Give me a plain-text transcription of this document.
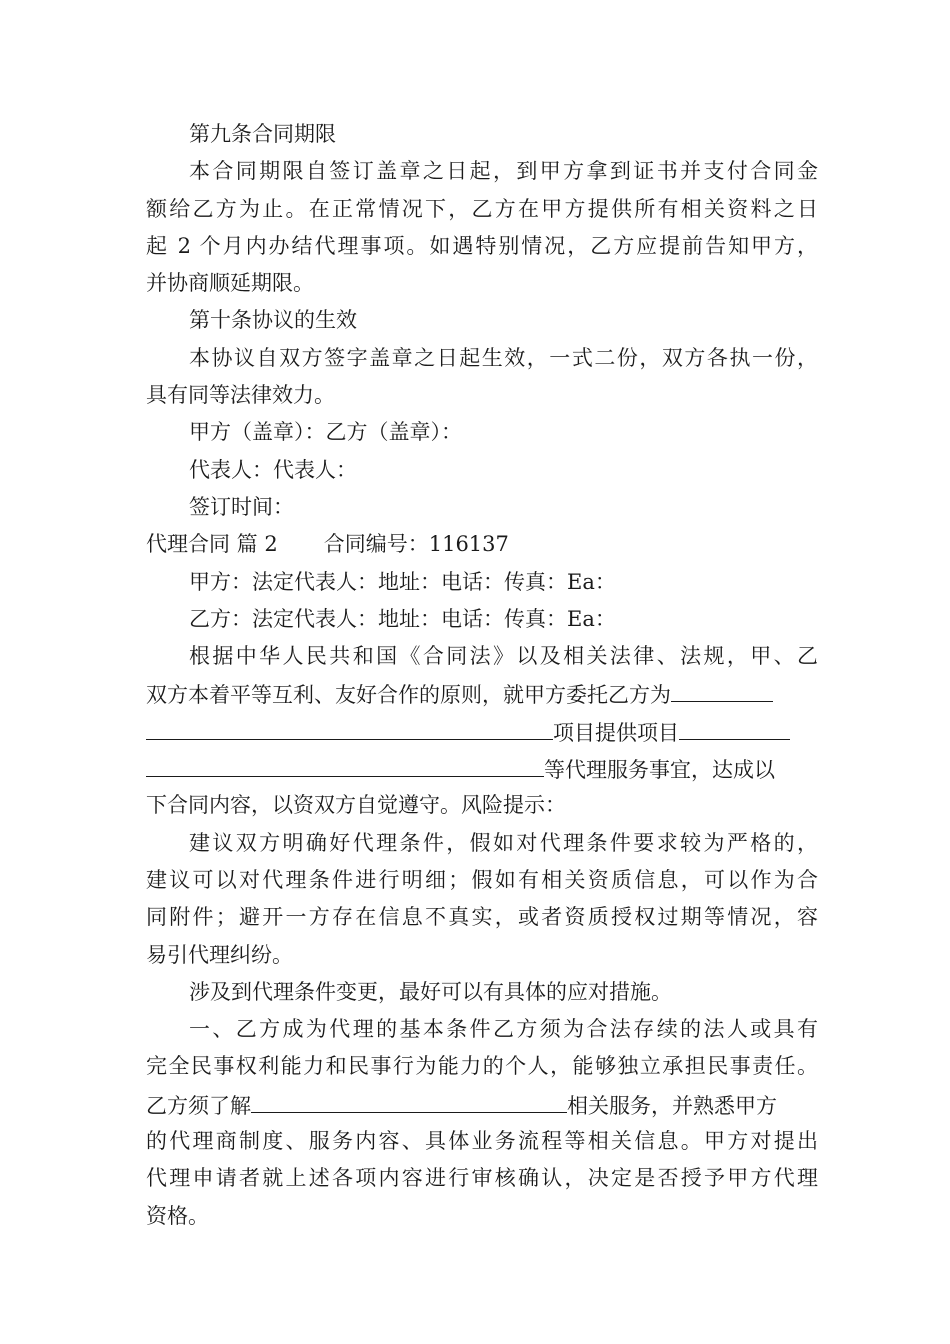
第九条合同期限
本合同期限自签订盖章之日起，到甲方拿到证书并支付合同金
额给乙方为止。在正常情况下，乙方在甲方提供所有相关资料之日
起 2 个月内办结代理事项。如遇特别情况，乙方应提前告知甲方，
并协商顺延期限。
第十条协议的生效
本协议自双方签字盖章之日起生效，一式二份，双方各执一份，
具有同等法律效力。
甲方（盖章）：乙方（盖章）：
代表人：代表人：
签订时间：
代理合同 篇 2 合同编号：116137
甲方：法定代表人：地址：电话：传真：Ea：
乙方：法定代表人：地址：电话：传真：Ea：
根据中华人民共和国《合同法》以及相关法律、法规，甲、乙
双方本着平等互利、友好合作的原则，就甲方委托乙方为
项目提供项目
等代理服务事宜，达成以
下合同内容，以资双方自觉遵守。风险提示：
建议双方明确好代理条件，假如对代理条件要求较为严格的，
建议可以对代理条件进行明细；假如有相关资质信息，可以作为合
同附件；避开一方存在信息不真实，或者资质授权过期等情况，容
易引代理纠纷。
涉及到代理条件变更，最好可以有具体的应对措施。
一、乙方成为代理的基本条件乙方须为合法存续的法人或具有
完全民事权利能力和民事行为能力的个人，能够独立承担民事责任。
乙方须了解	相关服务，并熟悉甲方
的代理商制度、服务内容、具体业务流程等相关信息。甲方对提出
代理申请者就上述各项内容进行审核确认，决定是否授予甲方代理
资格。
